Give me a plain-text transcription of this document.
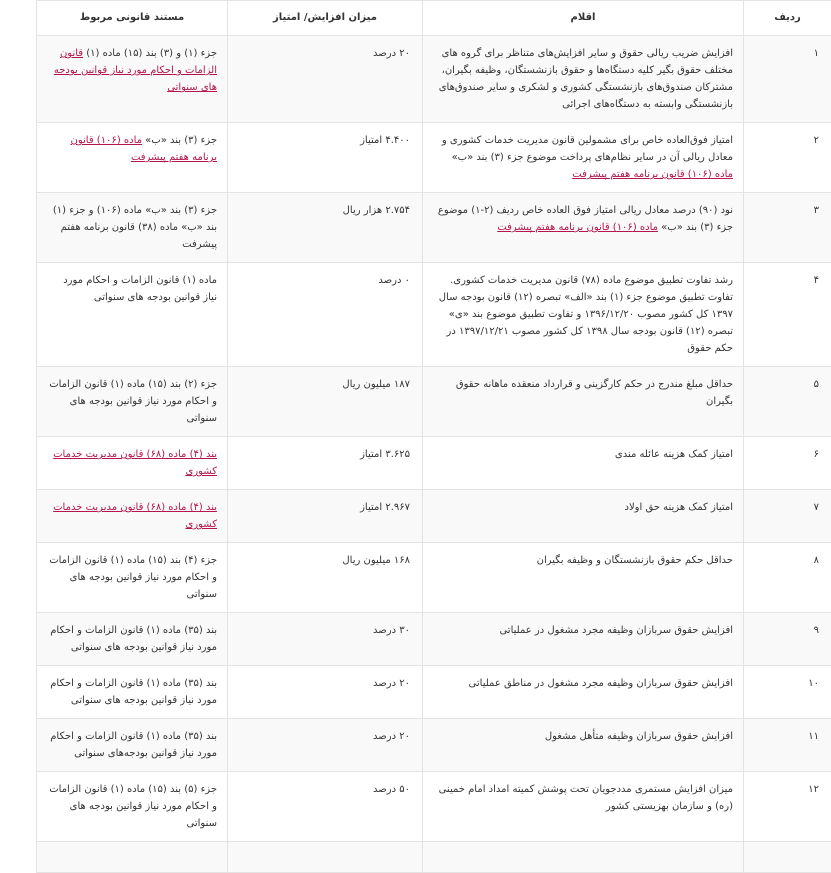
ردیف	اقلام	میزان افزایش/ امتیاز	مستند قانونی مربوط
۱	افزایش ضریب ریالی حقوق و سایر افزایش‌های متناظر برای گروه های مختلف حقوق بگیر کلیه دستگاه‌ها و حقوق بازنشستگان، وظیفه بگیران، مشترکان صندوق‌های بازنشستگی کشوری و لشکری و سایر صندوق‌های بازنشستگی وابسته به دستگاه‌های اجرائی	۲۰ درصد	جزء (۱) و (۳) بند (۱۵) ماده (۱) قانون الزامات و احکام مورد نیاز قوانین بودجه های سنواتی
۲	امتیاز فوق‌العاده خاص برای مشمولین قانون مدیریت خدمات کشوری و معادل ریالی آن در سایر نظام‌های پرداخت موضوع جزء (۳) بند «ب» ماده (۱۰۶) قانون برنامه هفتم پیشرفت	۴.۴۰۰ امتیاز	جزء (۳) بند «ب» ماده (۱۰۶) قانون برنامه هفتم پیشرفت
۳	نود (۹۰) درصد معادل ریالی امتیاز فوق العاده خاص ردیف (۲-۱) موضوع جزء (۳) بند «ب» ماده (۱۰۶) قانون برنامه هفتم پیشرفت	۲.۷۵۴ هزار ریال	جزء (۳) بند «ب» ماده (۱۰۶) و جزء (۱) بند «ب» ماده (۳۸) قانون برنامه هفتم پیشرفت
۴	رشد تفاوت تطبیق موضوع ماده (۷۸) قانون مدیریت خدمات کشوری. تفاوت تطبیق موضوع جزء (۱) بند «الف» تبصره (۱۲) قانون بودجه سال ۱۳۹۷ کل کشور مصوب ۱۳۹۶/۱۲/۲۰ و تفاوت تطبیق موضوع بند «ی» تبصره (۱۲) قانون بودجه سال ۱۳۹۸ کل کشور مصوب ۱۳۹۷/۱۲/۲۱ در حکم حقوق	۰ درصد	ماده (۱) قانون الزامات و احکام مورد نیاز قوانین بودجه های سنواتی
۵	حداقل مبلغ مندرج در حکم کارگزینی و قرارداد منعقده ماهانه حقوق بگیران	۱۸۷ میلیون ریال	جزء (۲) بند (۱۵) ماده (۱) قانون الزامات و احکام مورد نیاز قوانین بودجه های سنواتی
۶	امتیاز کمک هزینه عائله مندی	۳.۶۲۵ امتیاز	بند (۴) ماده (۶۸) قانون مدیریت خدمات کشوری
۷	امتیاز کمک هزینه حق اولاد	۲.۹۶۷ امتیاز	بند (۴) ماده (۶۸) قانون مدیریت خدمات کشوری
۸	حداقل حکم حقوق بازنشستگان و وظیفه بگیران	۱۶۸ میلیون ریال	جزء (۴) بند (۱۵) ماده (۱) قانون الزامات و احکام مورد نیاز قوانین بودجه های سنواتی
۹	افزایش حقوق سربازان وظیفه مجرد مشغول در عملیاتی	۳۰ درصد	بند (۳۵) ماده (۱) قانون الزامات و احکام مورد نیاز قوانین بودجه های سنواتی
۱۰	افزایش حقوق سربازان وظیفه مجرد مشغول در مناطق عملیاتی	۲۰ درصد	بند (۳۵) ماده (۱) قانون الزامات و احکام مورد نیاز قوانین بودجه های سنواتی
۱۱	افزایش حقوق سربازان وظیفه متأهل مشغول	۲۰ درصد	بند (۳۵) ماده (۱) قانون الزامات و احکام مورد نیاز قوانین بودجه‌های سنواتی
۱۲	میزان افزایش مستمری مددجویان تحت پوشش کمیته امداد امام خمینی (ره) و سازمان بهزیستی کشور	۵۰ درصد	جزء (۵) بند (۱۵) ماده (۱) قانون الزامات و احکام مورد نیاز قوانین بودجه های سنواتی
